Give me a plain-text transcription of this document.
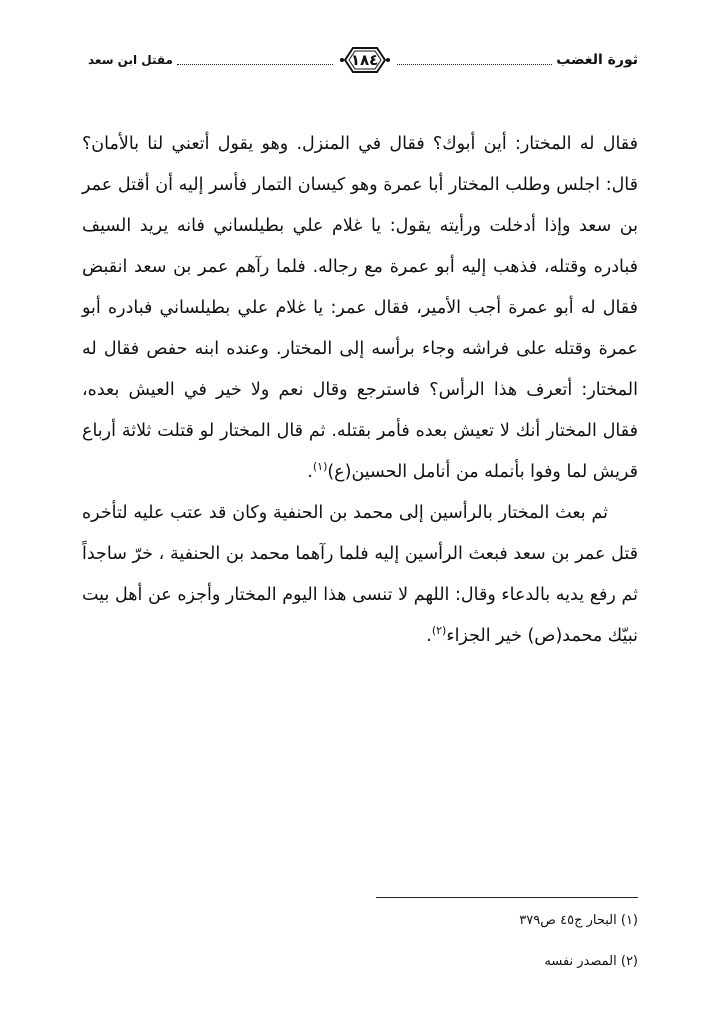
ثورة الغضب
١٨٤
مقتل ابن سعد

فقال له المختار: أين أبوك؟ فقال في المنزل. وهو يقول أتعني لنا بالأمان؟ قال: اجلس وطلب المختار أبا عمرة وهو كيسان التمار فأسر إليه أن أقتل عمر بن سعد وإذا أدخلت ورأيته يقول: يا غلام علي بطيلساني فانه يريد السيف فبادره وقتله، فذهب إليه أبو عمرة مع رجاله. فلما رآهم عمر بن سعد انقبض فقال له أبو عمرة أجب الأمير، فقال عمر: يا غلام علي بطيلساني فبادره أبو عمرة وقتله على فراشه وجاء برأسه إلى المختار. وعنده ابنه حفص فقال له المختار: أتعرف هذا الرأس؟ فاسترجع وقال نعم ولا خير في العيش بعده، فقال المختار أنك لا تعيش بعده فأمر بقتله. ثم قال المختار لو قتلت ثلاثة أرباع قريش لما وفوا بأنمله من أنامل الحسين(ع)$^{(١)}$.

ثم بعث المختار بالرأسين إلى محمد بن الحنفية وكان قد عتب عليه لتأخره قتل عمر بن سعد فبعث الرأسين إليه فلما رآهما محمد بن الحنفية ، خرّ ساجداً ثم رفع يديه بالدعاء وقال: اللهم لا تنسى هذا اليوم المختار وأجزه عن أهل بيت نبيّك محمد(ص) خير الجزاء$^{(٢)}$.

(١) البحار ج٤٥ ص٣٧٩
(٢) المصدر نفسه
